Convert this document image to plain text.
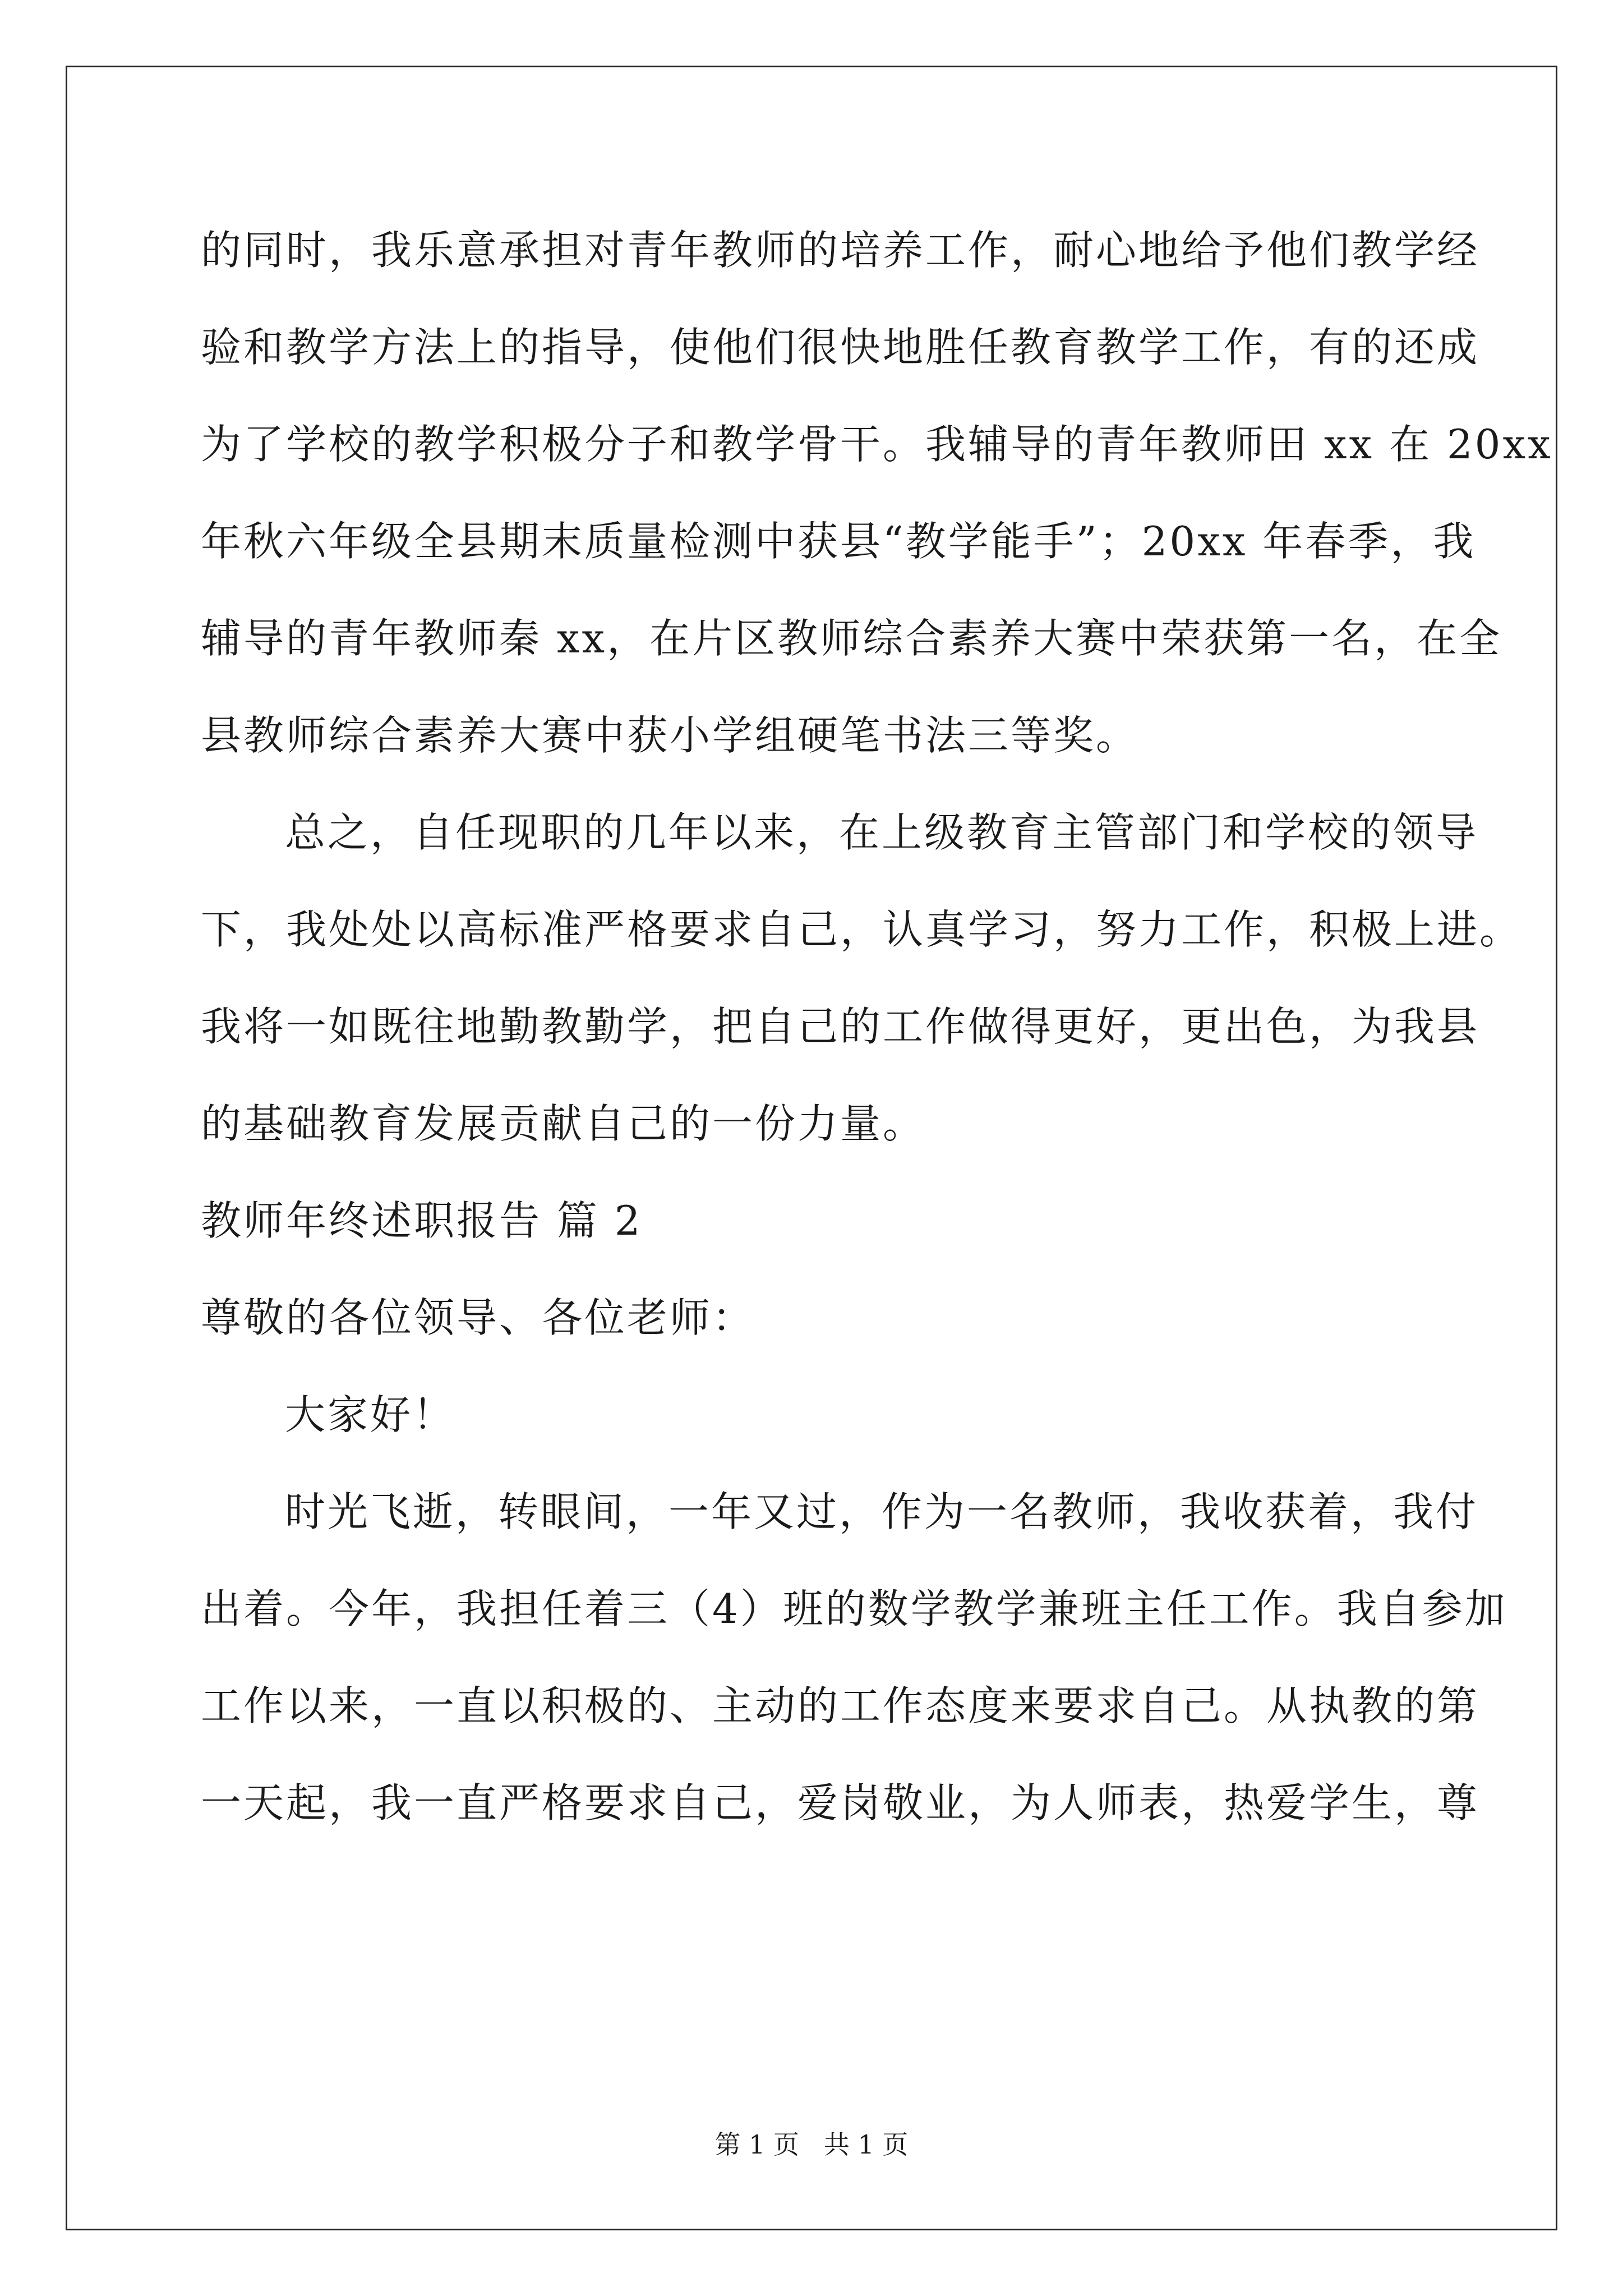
的同时，我乐意承担对青年教师的培养工作，耐心地给予他们教学经
验和教学方法上的指导，使他们很快地胜任教育教学工作，有的还成
为了学校的教学积极分子和教学骨干。我辅导的青年教师田 xx 在 20xx
年秋六年级全县期末质量检测中获县“教学能手”；20xx 年春季，我
辅导的青年教师秦 xx，在片区教师综合素养大赛中荣获第一名，在全
县教师综合素养大赛中获小学组硬笔书法三等奖。
总之，自任现职的几年以来，在上级教育主管部门和学校的领导
下，我处处以高标准严格要求自己，认真学习，努力工作，积极上进。
我将一如既往地勤教勤学，把自己的工作做得更好，更出色，为我县
的基础教育发展贡献自己的一份力量。
教师年终述职报告 篇 2
尊敬的各位领导、各位老师：
大家好！
时光飞逝，转眼间，一年又过，作为一名教师，我收获着，我付
出着。今年，我担任着三（4）班的数学教学兼班主任工作。我自参加
工作以来，一直以积极的、主动的工作态度来要求自己。从执教的第
一天起，我一直严格要求自己，爱岗敬业，为人师表，热爱学生，尊
第 1 页   共 1 页
